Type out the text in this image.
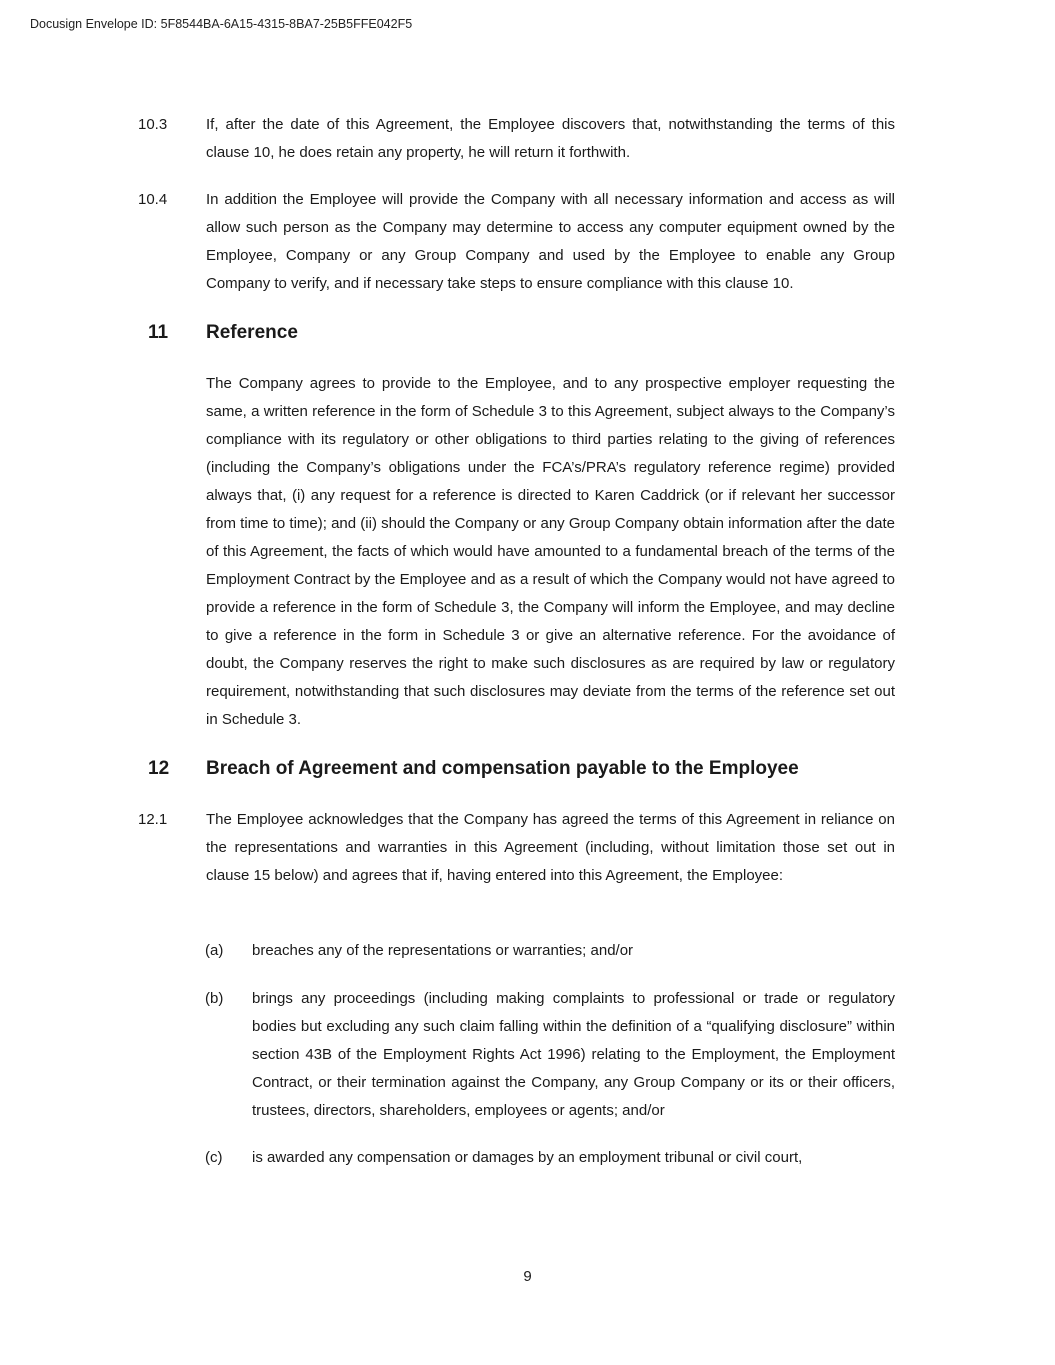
Docusign Envelope ID: 5F8544BA-6A15-4315-8BA7-25B5FFE042F5
10.3	If, after the date of this Agreement, the Employee discovers that, notwithstanding the terms of this clause 10, he does retain any property, he will return it forthwith.
10.4	In addition the Employee will provide the Company with all necessary information and access as will allow such person as the Company may determine to access any computer equipment owned by the Employee, Company or any Group Company and used by the Employee to enable any Group Company to verify, and if necessary take steps to ensure compliance with this clause 10.
11 Reference
The Company agrees to provide to the Employee, and to any prospective employer requesting the same, a written reference in the form of Schedule 3 to this Agreement, subject always to the Company’s compliance with its regulatory or other obligations to third parties relating to the giving of references (including the Company’s obligations under the FCA’s/PRA’s regulatory reference regime) provided always that, (i) any request for a reference is directed to Karen Caddrick (or if relevant her successor from time to time); and (ii) should the Company or any Group Company obtain information after the date of this Agreement, the facts of which would have amounted to a fundamental breach of the terms of the Employment Contract by the Employee and as a result of which the Company would not have agreed to provide a reference in the form of Schedule 3, the Company will inform the Employee, and may decline to give a reference in the form in Schedule 3 or give an alternative reference. For the avoidance of doubt, the Company reserves the right to make such disclosures as are required by law or regulatory requirement, notwithstanding that such disclosures may deviate from the terms of the reference set out in Schedule 3.
12 Breach of Agreement and compensation payable to the Employee
12.1	The Employee acknowledges that the Company has agreed the terms of this Agreement in reliance on the representations and warranties in this Agreement (including, without limitation those set out in clause 15 below) and agrees that if, having entered into this Agreement, the Employee:
(a) breaches any of the representations or warranties; and/or
(b) brings any proceedings (including making complaints to professional or trade or regulatory bodies but excluding any such claim falling within the definition of a “qualifying disclosure” within section 43B of the Employment Rights Act 1996) relating to the Employment, the Employment Contract, or their termination against the Company, any Group Company or its or their officers, trustees, directors, shareholders, employees or agents; and/or
(c) is awarded any compensation or damages by an employment tribunal or civil court,
9
